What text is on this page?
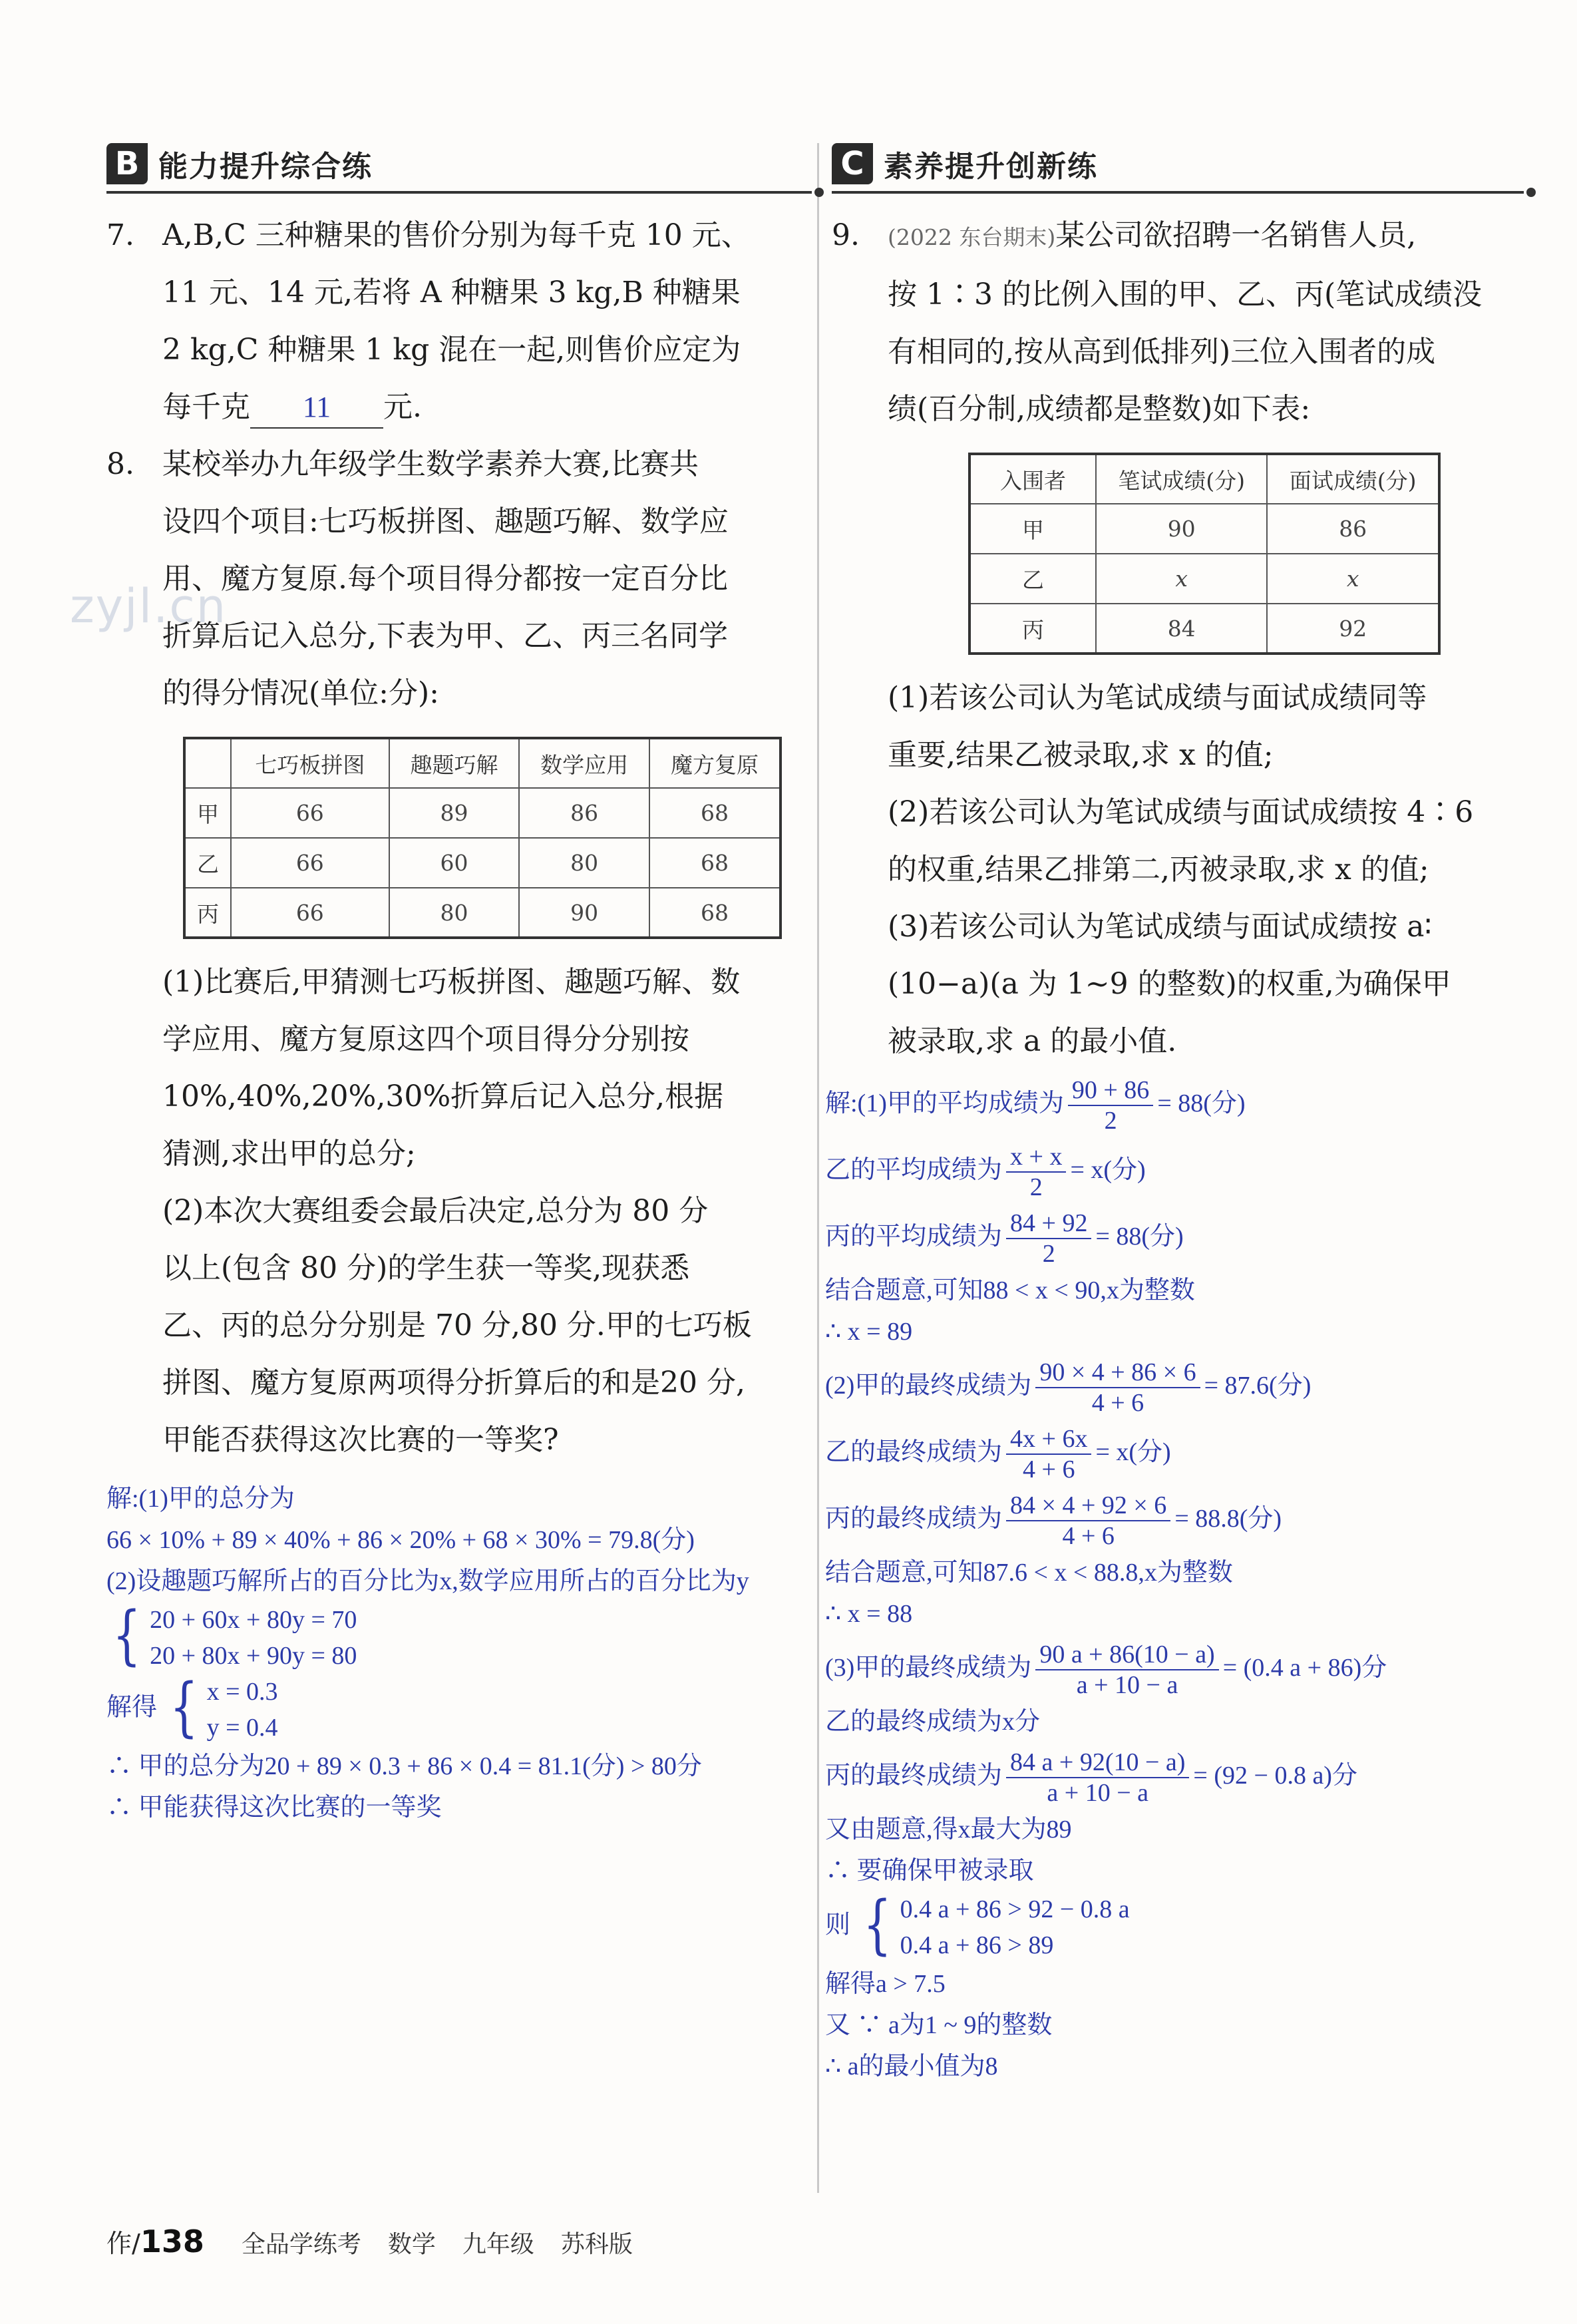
zyjl.cn
B 能力提升综合练
7. A,B,C 三种糖果的售价分别为每千克 10 元、
11 元、14 元,若将 A 种糖果 3 kg,B 种糖果
2 kg,C 种糖果 1 kg 混在一起,则售价应定为
每千克 11 元.
8. 某校举办九年级学生数学素养大赛,比赛共
设四个项目:七巧板拼图、趣题巧解、数学应
用、魔方复原.每个项目得分都按一定百分比
折算后记入总分,下表为甲、乙、丙三名同学
的得分情况(单位:分):
	七巧板拼图	趣题巧解	数学应用	魔方复原
甲	66	89	86	68
乙	66	60	80	68
丙	66	80	90	68
(1)比赛后,甲猜测七巧板拼图、趣题巧解、数
学应用、魔方复原这四个项目得分分别按
10%,40%,20%,30%折算后记入总分,根据
猜测,求出甲的总分;
(2)本次大赛组委会最后决定,总分为 80 分
以上(包含 80 分)的学生获一等奖,现获悉
乙、丙的总分分别是 70 分,80 分.甲的七巧板
拼图、魔方复原两项得分折算后的和是20 分,
甲能否获得这次比赛的一等奖?
解:(1)甲的总分为
66 × 10% + 89 × 40% + 86 × 20% + 68 × 30% = 79.8(分)
(2)设趣题巧解所占的百分比为x,数学应用所占的百分比为y
{ 20 + 60x + 80y = 70
20 + 80x + 90y = 80
解得 { x = 0.3
y = 0.4
∴ 甲的总分为20 + 89 × 0.3 + 86 × 0.4 = 81.1(分) > 80分
∴ 甲能获得这次比赛的一等奖
C 素养提升创新练
9. (2022 东台期末)某公司欲招聘一名销售人员,
按 1∶3 的比例入围的甲、乙、丙(笔试成绩没
有相同的,按从高到低排列)三位入围者的成
绩(百分制,成绩都是整数)如下表:
入围者	笔试成绩(分)	面试成绩(分)
甲	90	86
乙	x	x
丙	84	92
(1)若该公司认为笔试成绩与面试成绩同等
重要,结果乙被录取,求 x 的值;
(2)若该公司认为笔试成绩与面试成绩按 4∶6
的权重,结果乙排第二,丙被录取,求 x 的值;
(3)若该公司认为笔试成绩与面试成绩按 a∶
(10−a)(a 为 1~9 的整数)的权重,为确保甲
被录取,求 a 的最小值.
解:(1)甲的平均成绩为 $\frac{90 + 86}{2} = 88$(分)
乙的平均成绩为 $\frac{x + x}{2} = x$(分)
丙的平均成绩为 $\frac{84 + 92}{2} = 88$(分)
结合题意,可知88 < x < 90,x为整数
∴ x = 89
(2)甲的最终成绩为 $\frac{90 \times 4 + 86 \times 6}{4 + 6} = 87.6$(分)
乙的最终成绩为 $\frac{4x + 6x}{4 + 6} = x$(分)
丙的最终成绩为 $\frac{84 \times 4 + 92 \times 6}{4 + 6} = 88.8$(分)
结合题意,可知87.6 < x < 88.8,x为整数
∴ x = 88
(3)甲的最终成绩为 $\frac{90 a + 86(10 - a)}{a + 10 - a} = (0.4$ a + 86)分
乙的最终成绩为x分
丙的最终成绩为 $\frac{84 a + 92(10 - a)}{a + 10 - a} = (92 - 0.8$ a)分
又由题意,得x最大为89
∴ 要确保甲被录取
则 { 0.4 a + 86 > 92 − 0.8 a
0.4 a + 86 > 89
解得a > 7.5
又 ∵ a为1 ~ 9的整数
∴ a的最小值为8
作/ 138 全品学练考 数学 九年级 苏科版
